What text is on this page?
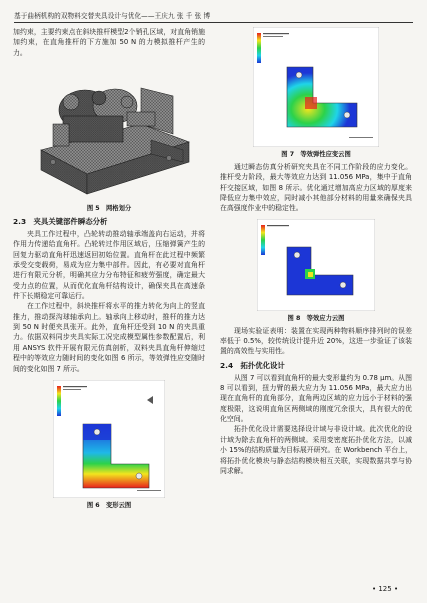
基于曲柄机构的双物料交替夹具设计与优化——王庆九 张 千 张 博

加约束，主要约束点在斜块推杆模型2个销孔区域，对直角销施加约束，在直角推杆的下方施加 50 N 的力模拟推杆产生的力。

图 5　网格划分
2.3　夹具关键部件瞬态分析

夹具工作过程中，凸轮转动推动轴承端盖向右运动，并将作用力传递给直角杆。凸轮转过作用区域后，压缩弹簧产生的回复力驱动直角杆迅速返回初始位置。直角杆在此过程中频繁承受交变载荷，易成为应力集中部件。因此，有必要对直角杆进行有限元分析，明确其应力分布特征和疲劳强度，确定最大受力点的位置，从而优化直角杆结构设计，确保夹具在高速条件下长期稳定可靠运行。

在工作过程中，斜块推杆将水平的推力转化为向上的竖直推力，推动探沟球轴承向上。轴承向上移动时，推杆的推力达到 50 N 时便夹具张开。此外，直角杆还受到 10 N 的夹具重力。依据双料同步夹具实际工况完成模型属性参数配置后，利用 ANSYS 软件开展有限元仿真剖析，双料夹具直角杆伸缩过程中的等效应力随时间的变化如图 6 所示，等效弹性应变随时间的变化如图 7 所示。

图 6　变形云图
图 7　等效弹性应变云图

通过瞬态仿真分析研究夹具在不同工作阶段的应力变化。推杆受力阶段，最大等效应力达到 11.056 MPa，集中于直角杆交接区域，如图 8 所示。优化通过增加高应力区域的厚度来降低应力集中效应，同时减小其他部分材料的用量来确保夹具在高强度作业中的稳定性。

图 8　等效应力云图

现场实验证表明：装置在实现两种物料顺序排列时的误差率低于 0.5%，较传统设计提升近 20%，这进一步验证了该装置的高效性与实用性。

2.4　拓扑优化设计

从图 7 可以看到直角杆的最大变形量约为 0.78 μm。从图 8 可以看到，扭力臂的最大应力为 11.056 MPa，最大应力出现在直角杆的直角部分，直角两边区域的应力远小于材料的强度极限，这说明直角区两侧域的刚度冗余很大，具有很大的优化空间。

拓扑优化设计需要选择设计域与非设计域。此次优化的设计域为除去直角杆的两侧域。采用变密度拓扑优化方法，以减小 15%的结构质量为目标展开研究。在 Workbench 平台上，将拓扑优化模块与静态结构模块相互关联，实现数据共享与协同求解。

• 125 •
